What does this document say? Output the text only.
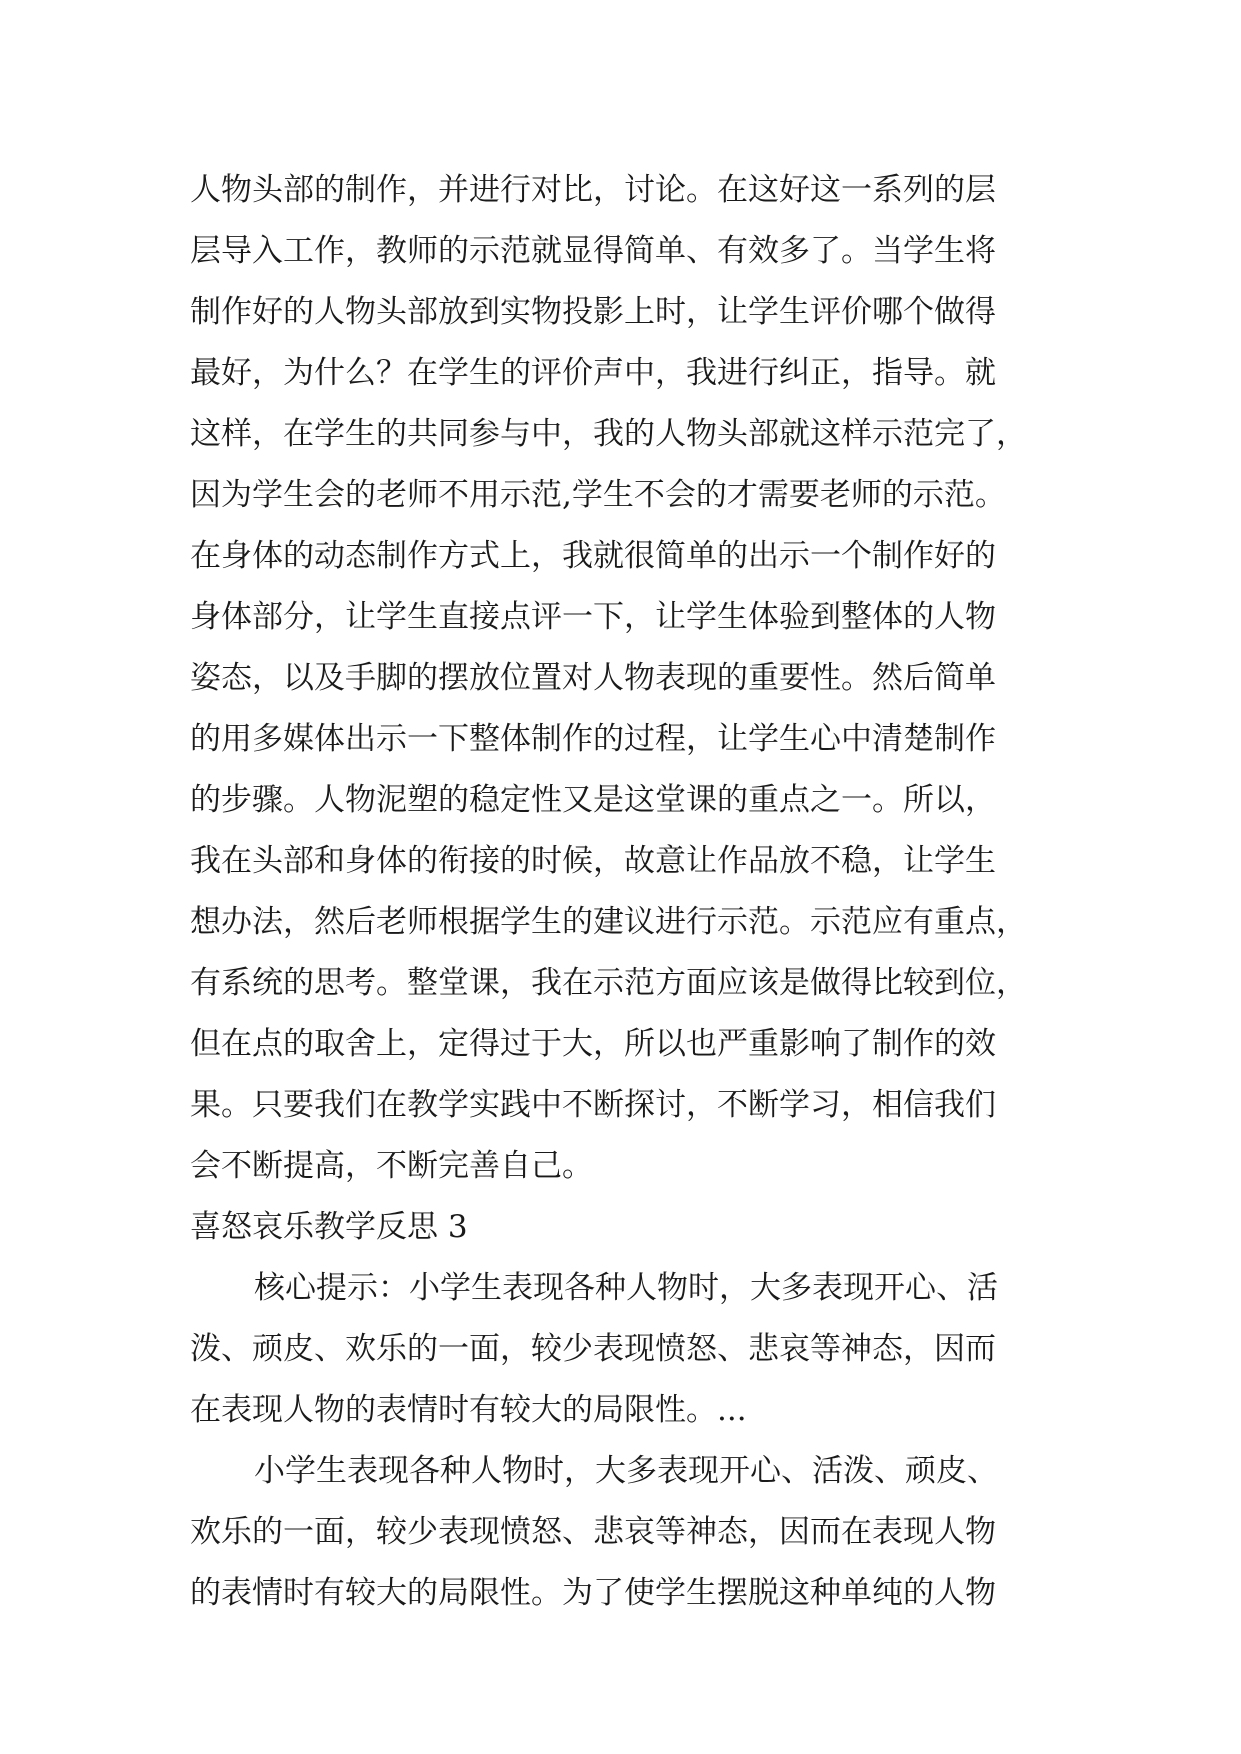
人物头部的制作，并进行对比，讨论。在这好这一系列的层
层导入工作，教师的示范就显得简单、有效多了。当学生将
制作好的人物头部放到实物投影上时，让学生评价哪个做得
最好，为什么？在学生的评价声中，我进行纠正，指导。就
这样，在学生的共同参与中，我的人物头部就这样示范完了，
因为学生会的老师不用示范,学生不会的才需要老师的示范。
在身体的动态制作方式上，我就很简单的出示一个制作好的
身体部分，让学生直接点评一下，让学生体验到整体的人物
姿态，以及手脚的摆放位置对人物表现的重要性。然后简单
的用多媒体出示一下整体制作的过程，让学生心中清楚制作
的步骤。人物泥塑的稳定性又是这堂课的重点之一。所以，
我在头部和身体的衔接的时候，故意让作品放不稳，让学生
想办法，然后老师根据学生的建议进行示范。示范应有重点，
有系统的思考。整堂课，我在示范方面应该是做得比较到位，
但在点的取舍上，定得过于大，所以也严重影响了制作的效
果。只要我们在教学实践中不断探讨，不断学习，相信我们
会不断提高，不断完善自己。
喜怒哀乐教学反思 3
核心提示：小学生表现各种人物时，大多表现开心、活
泼、顽皮、欢乐的一面，较少表现愤怒、悲哀等神态，因而
在表现人物的表情时有较大的局限性。...
小学生表现各种人物时，大多表现开心、活泼、顽皮、
欢乐的一面，较少表现愤怒、悲哀等神态，因而在表现人物
的表情时有较大的局限性。为了使学生摆脱这种单纯的人物
